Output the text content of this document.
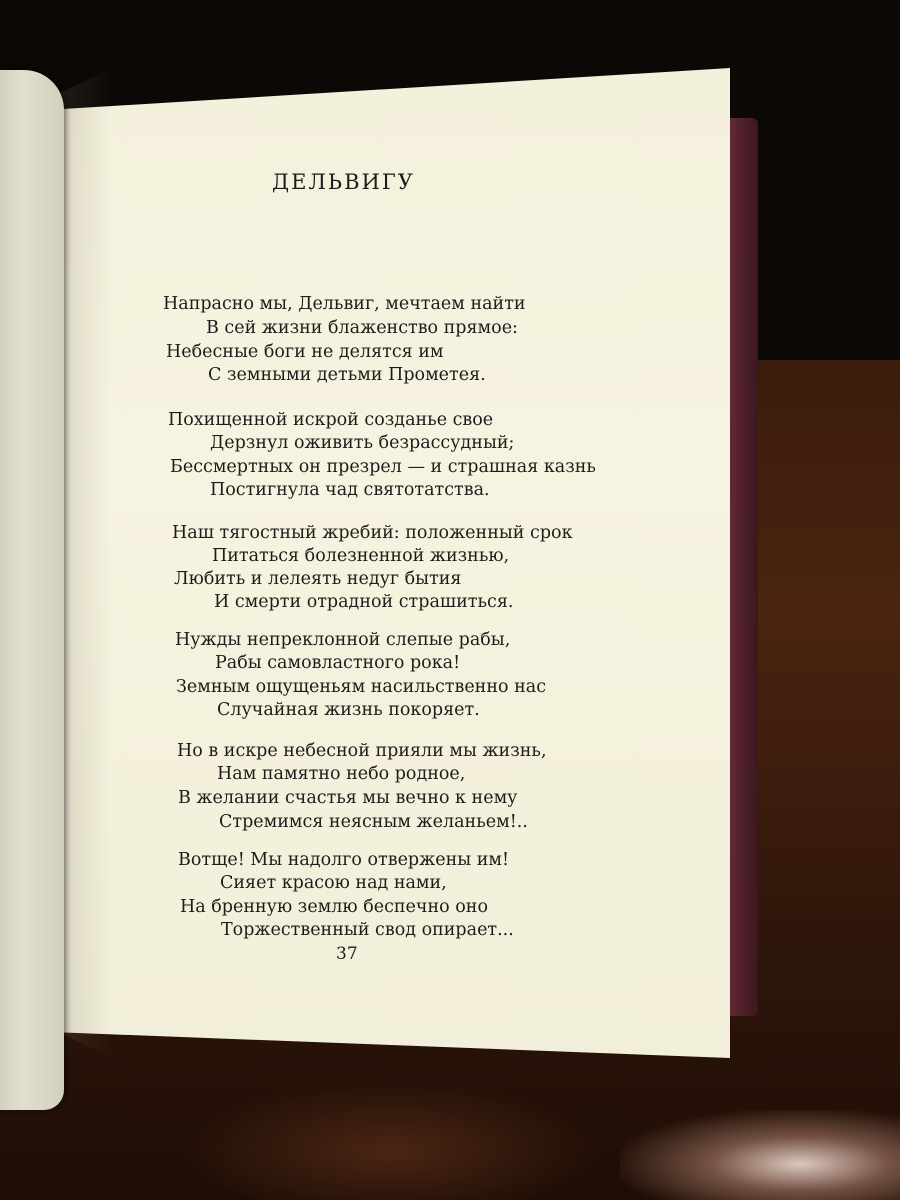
ДЕЛЬВИГУ
Напрасно мы, Дельвиг, мечтаем найти
В сей жизни блаженство прямое:
Небесные боги не делятся им
С земными детьми Прометея.
Похищенной искрой созданье свое
Дерзнул оживить безрассудный;
Бессмертных он презрел — и страшная казнь
Постигнула чад святотатства.
Наш тягостный жребий: положенный срок
Питаться болезненной жизнью,
Любить и лелеять недуг бытия
И смерти отрадной страшиться.
Нужды непреклонной слепые рабы,
Рабы самовластного рока!
Земным ощущеньям насильственно нас
Случайная жизнь покоряет.
Но в искре небесной прияли мы жизнь,
Нам памятно небо родное,
В желании счастья мы вечно к нему
Стремимся неясным желаньем!..
Вотще! Мы надолго отвержены им!
Сияет красою над нами,
На бренную землю беспечно оно
Торжественный свод опирает...
37
